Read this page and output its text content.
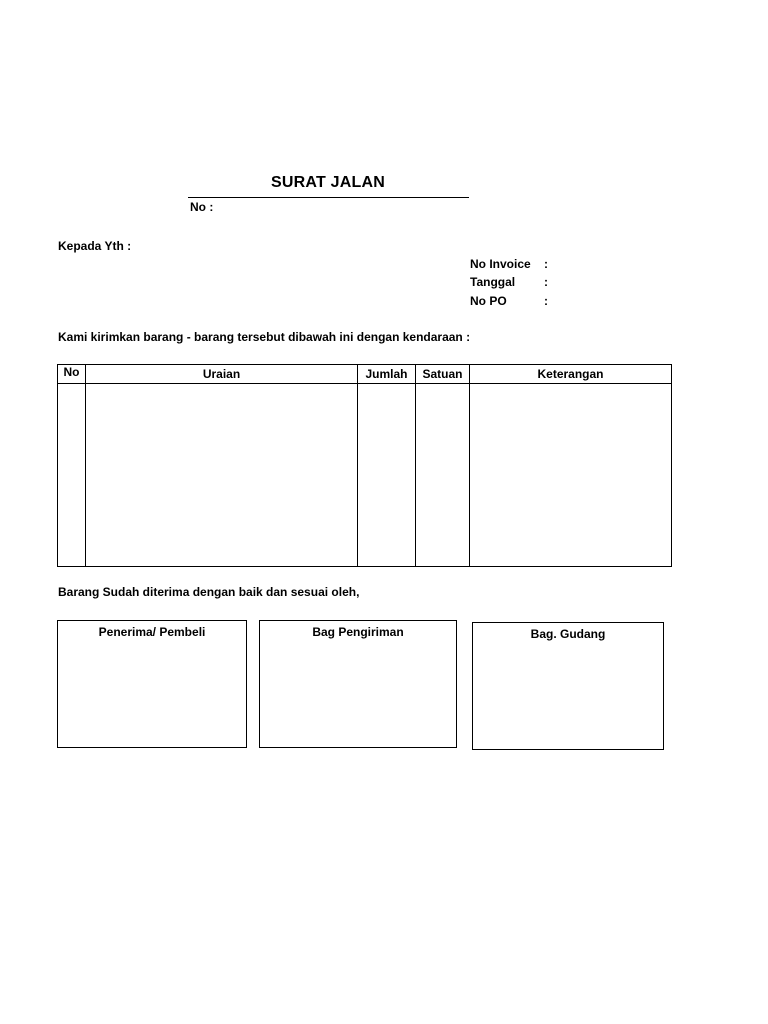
SURAT JALAN
No :
Kepada Yth :
No Invoice :
Tanggal :
No PO	:
Kami kirimkan barang - barang tersebut dibawah ini dengan kendaraan :
No	Uraian	Jumlah	Satuan	Keterangan

Barang Sudah diterima dengan baik dan sesuai oleh,
Penerima/ Pembeli	Bag Pengiriman	Bag. Gudang
